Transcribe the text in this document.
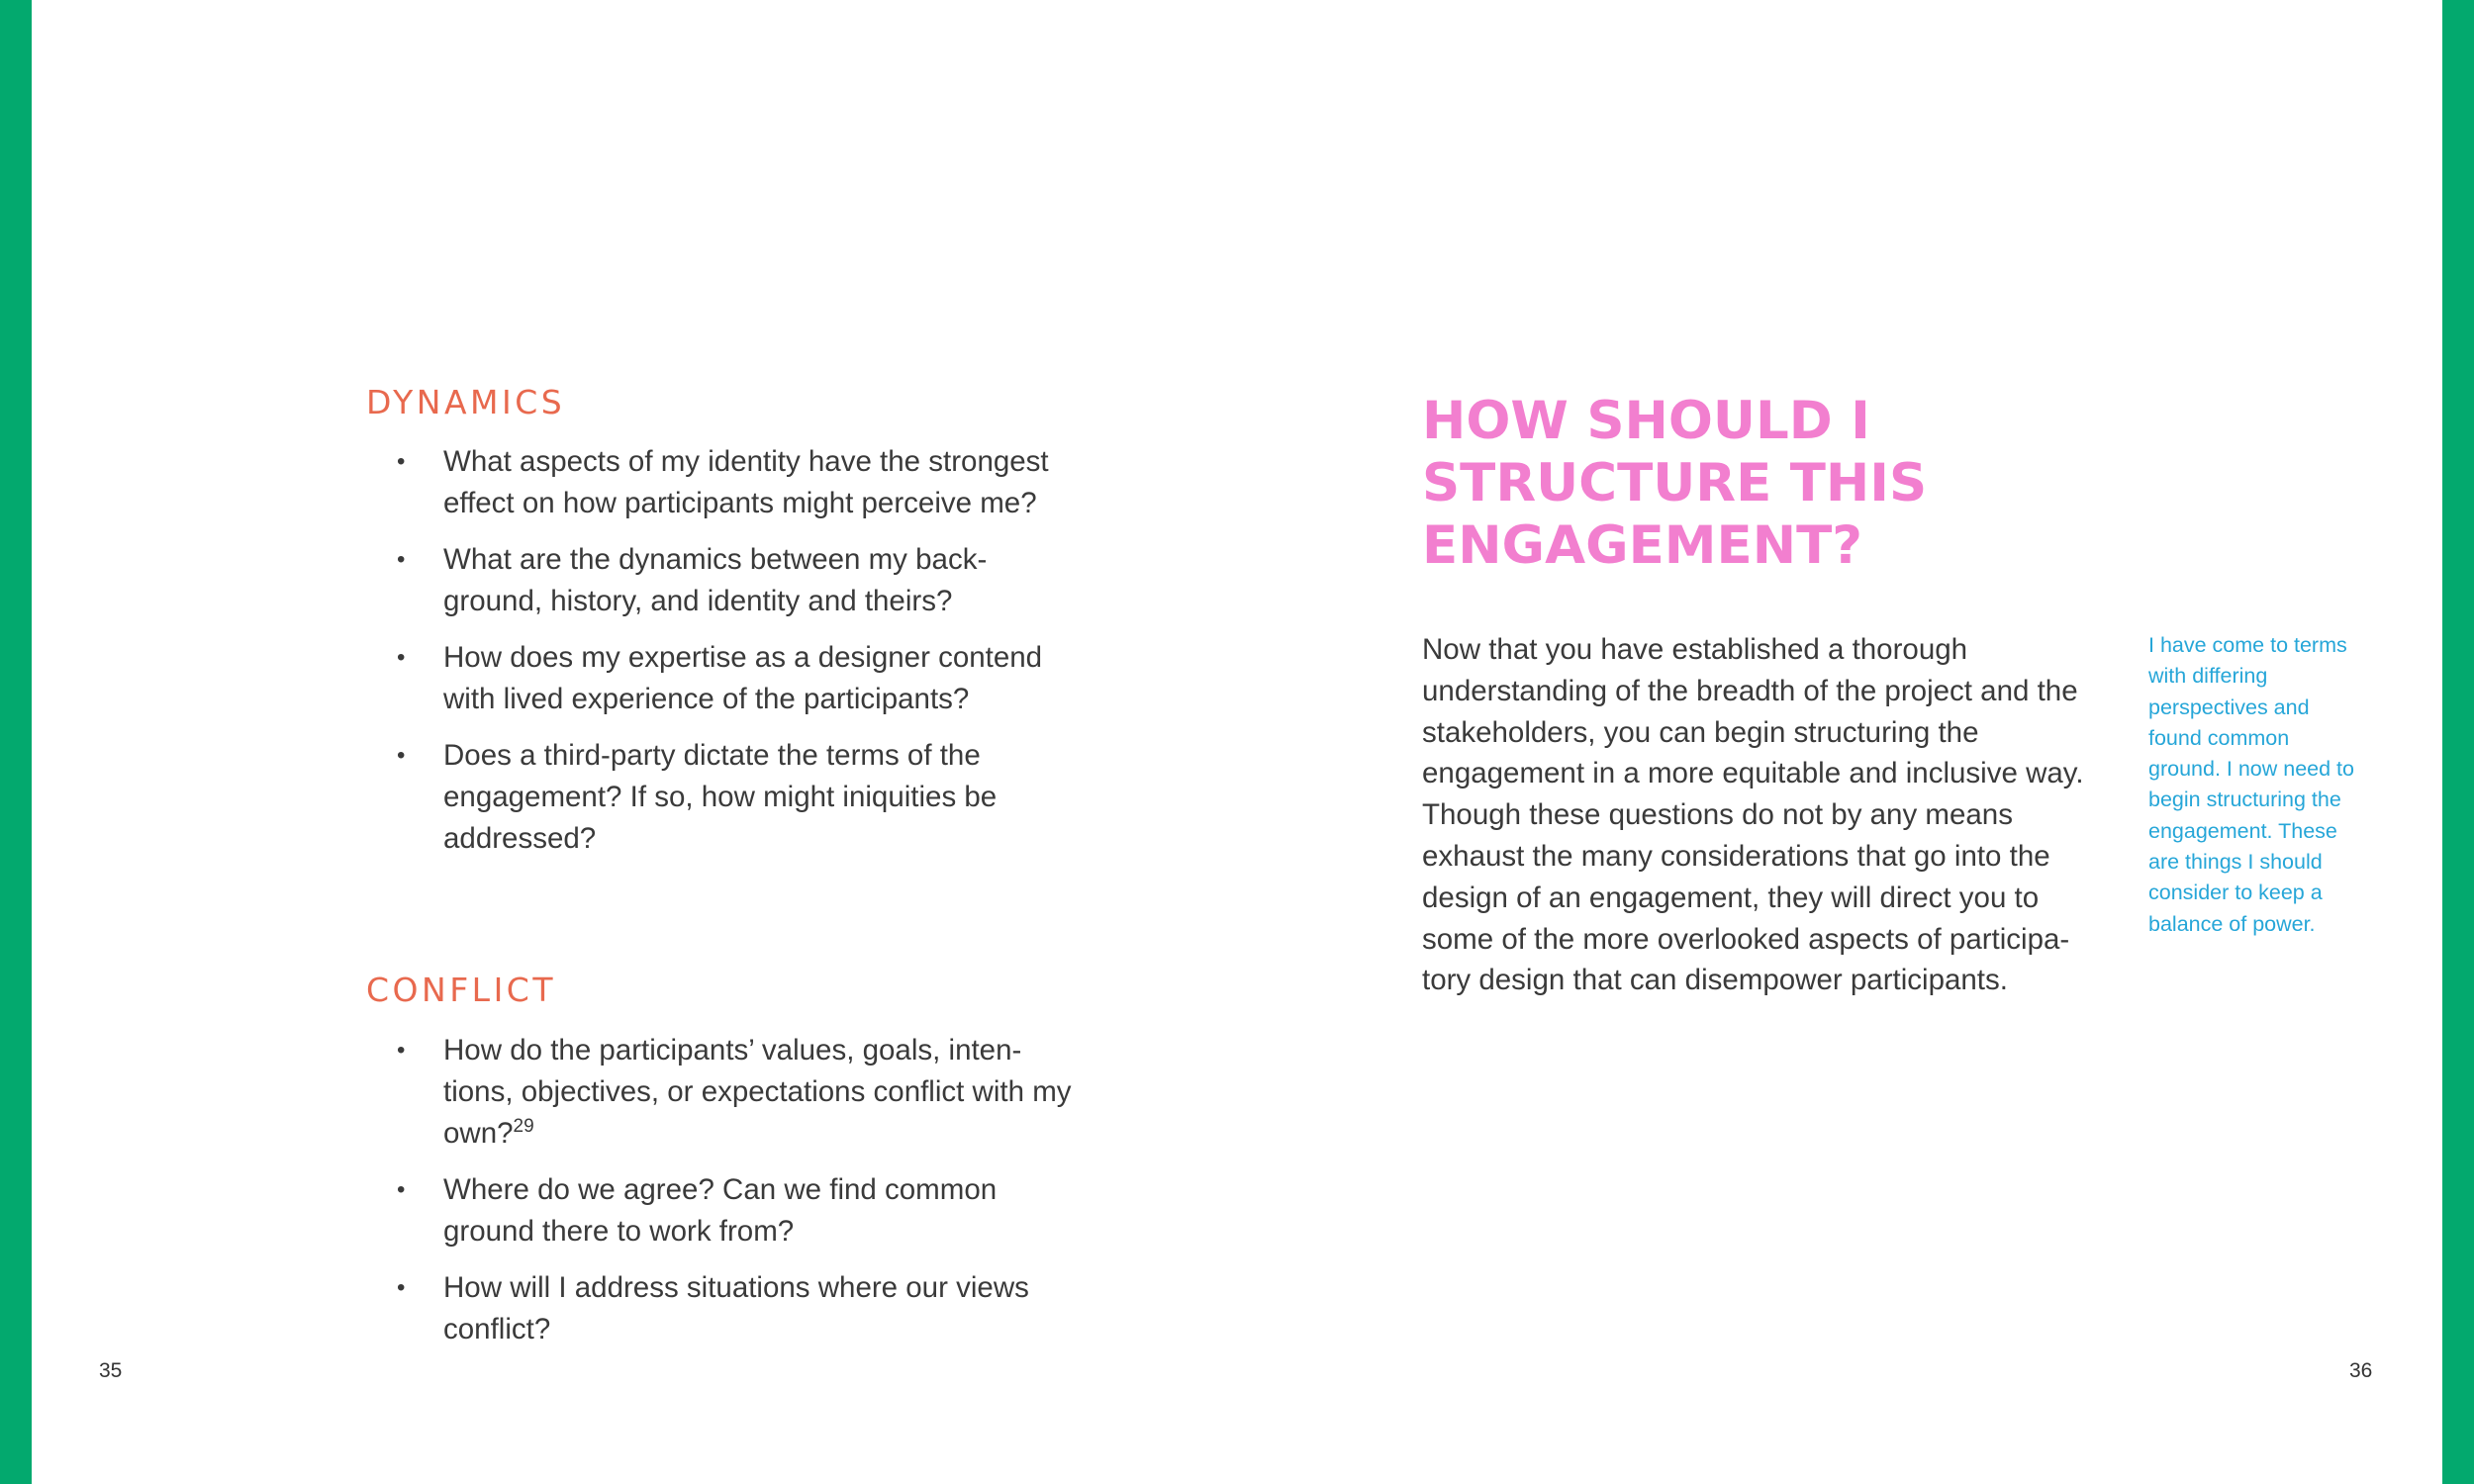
DYNAMICS
• What aspects of my identity have the strongest effect on how participants might perceive me?
• What are the dynamics between my back-ground, history, and identity and theirs?
• How does my expertise as a designer contend with lived experience of the participants?
• Does a third-party dictate the terms of the engagement? If so, how might iniquities be addressed?
CONFLICT
• How do the participants’ values, goals, inten-tions, objectives, or expectations conflict with my own?$^{29}$
• Where do we agree? Can we find common ground there to work from?
• How will I address situations where our views conflict?
35
HOW SHOULD I STRUCTURE THIS ENGAGEMENT?

Now that you have established a thorough understanding of the breadth of the project and the stakeholders, you can begin structuring the engagement in a more equitable and inclusive way. Though these questions do not by any means exhaust the many considerations that go into the design of an engagement, they will direct you to some of the more overlooked aspects of participa-tory design that can disempower participants.

I have come to terms with differing perspectives and found common ground. I now need to begin structuring the engagement. These are things I should consider to keep a balance of power.

36
